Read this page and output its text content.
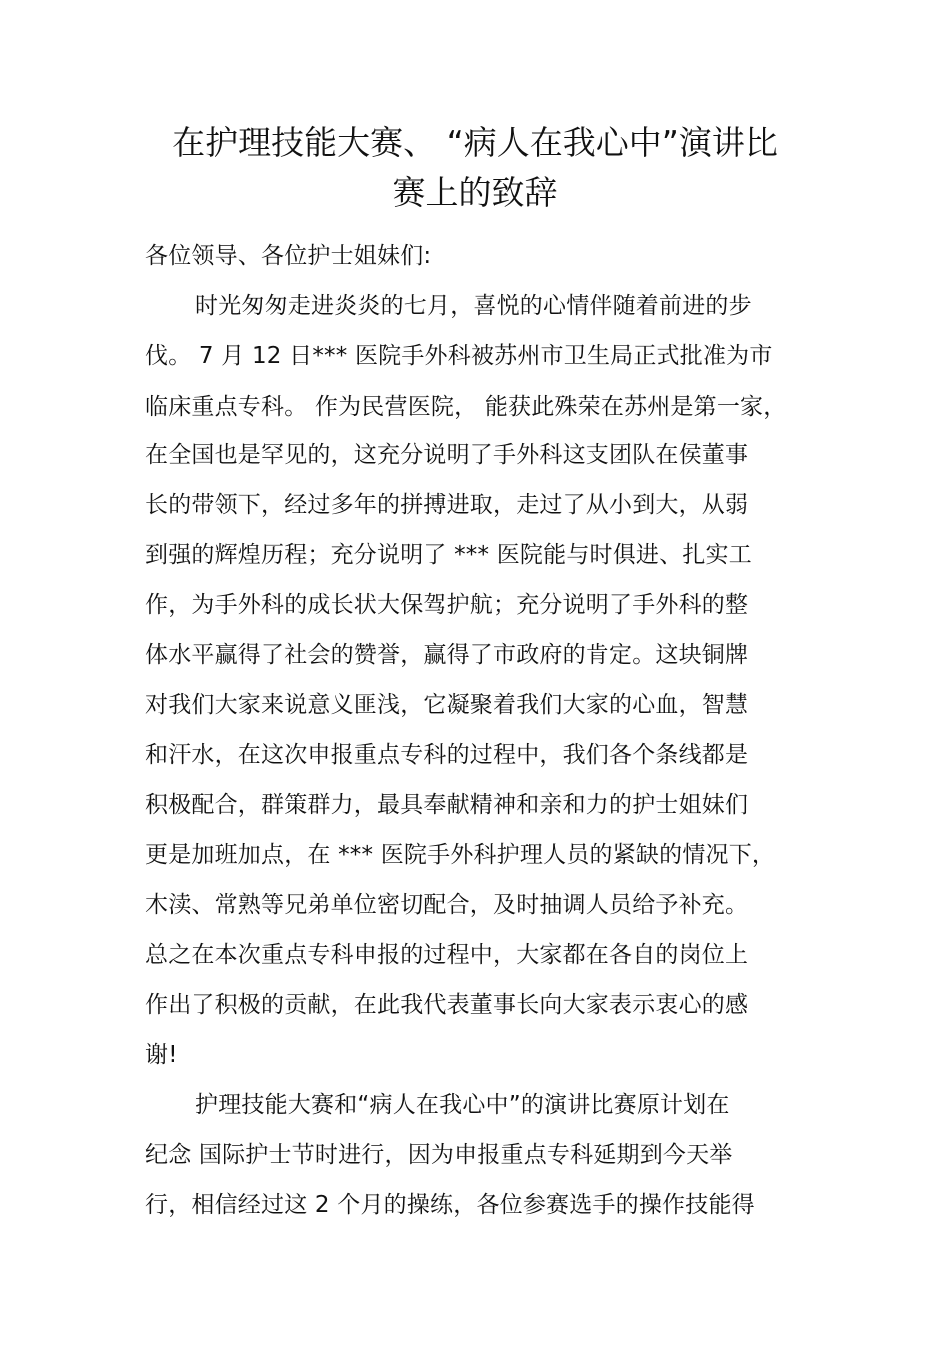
在护理技能大赛、 “病人在我心中”演讲比
赛上的致辞
各位领导、各位护士姐妹们:
时光匆匆走进炎炎的七月，喜悦的心情伴随着前进的步
伐。 7 月 12 日*** 医院手外科被苏州市卫生局正式批准为市
临床重点专科。 作为民营医院， 能获此殊荣在苏州是第一家，
在全国也是罕见的，这充分说明了手外科这支团队在侯董事
长的带领下，经过多年的拼搏进取，走过了从小到大，从弱
到强的辉煌历程；充分说明了 *** 医院能与时俱进、扎实工
作，为手外科的成长状大保驾护航；充分说明了手外科的整
体水平赢得了社会的赞誉，赢得了市政府的肯定。这块铜牌
对我们大家来说意义匪浅，它凝聚着我们大家的心血，智慧
和汗水，在这次申报重点专科的过程中，我们各个条线都是
积极配合，群策群力，最具奉献精神和亲和力的护士姐妹们
更是加班加点，在 *** 医院手外科护理人员的紧缺的情况下，
木渎、常熟等兄弟单位密切配合，及时抽调人员给予补充。
总之在本次重点专科申报的过程中，大家都在各自的岗位上
作出了积极的贡献，在此我代表董事长向大家表示衷心的感
谢!
护理技能大赛和“病人在我心中”的演讲比赛原计划在
纪念 国际护士节时进行，因为申报重点专科延期到今天举
行，相信经过这 2 个月的操练，各位参赛选手的操作技能得
